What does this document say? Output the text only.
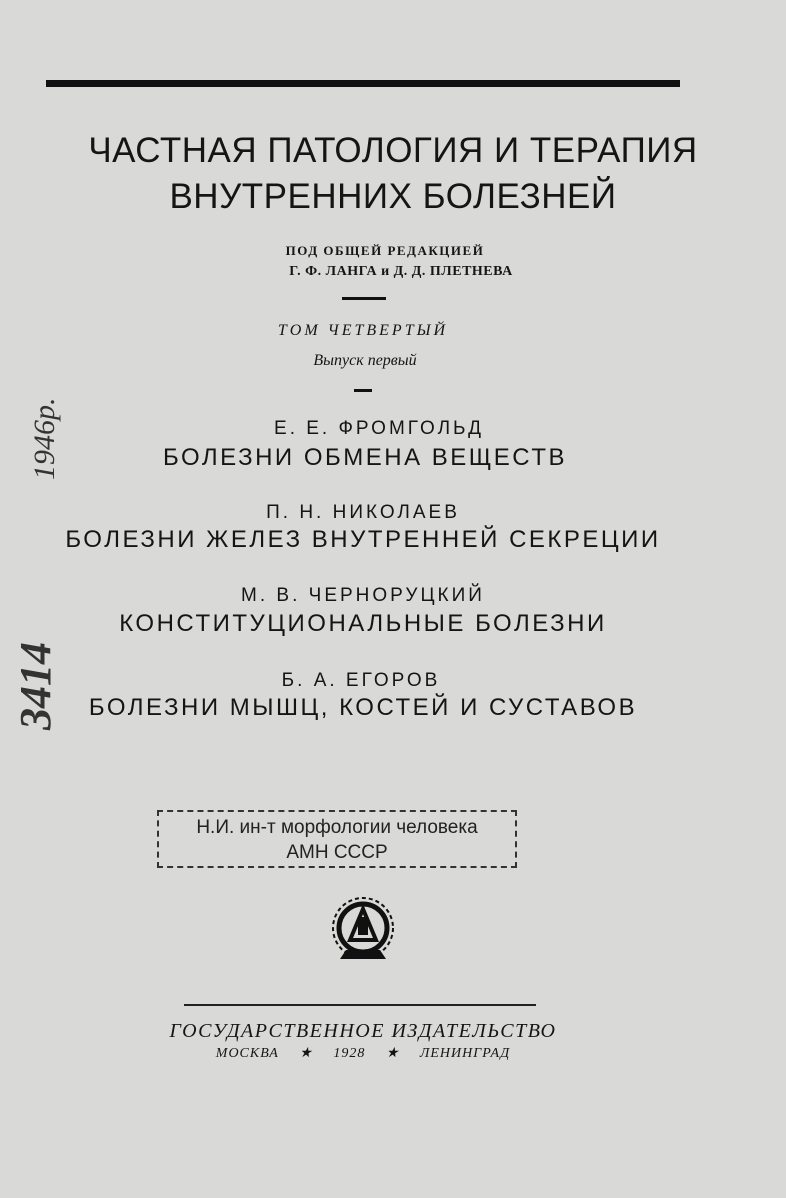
ЧАСТНАЯ ПАТОЛОГИЯ И ТЕРАПИЯ
ВНУТРЕННИХ БОЛЕЗНЕЙ
ПОД ОБЩЕЙ РЕДАКЦИЕЙ
Г. Ф. ЛАНГА и Д. Д. ПЛЕТНЕВА
ТОМ ЧЕТВЕРТЫЙ
Выпуск первый
Е. Е. ФРОМГОЛЬД
БОЛЕЗНИ ОБМЕНА ВЕЩЕСТВ
П. Н. НИКОЛАЕВ
БОЛЕЗНИ ЖЕЛЕЗ ВНУТРЕННЕЙ СЕКРЕЦИИ
М. В. ЧЕРНОРУЦКИЙ
КОНСТИТУЦИОНАЛЬНЫЕ БОЛЕЗНИ
Б. А. ЕГОРОВ
БОЛЕЗНИ МЫШЦ, КОСТЕЙ И СУСТАВОВ
Н.И. ин-т морфологии человека
АМН СССР
ГОСУДАРСТВЕННОЕ ИЗДАТЕЛЬСТВО
МОСКВА ★ 1928 ★ ЛЕНИНГРАД
1946р.
3414
